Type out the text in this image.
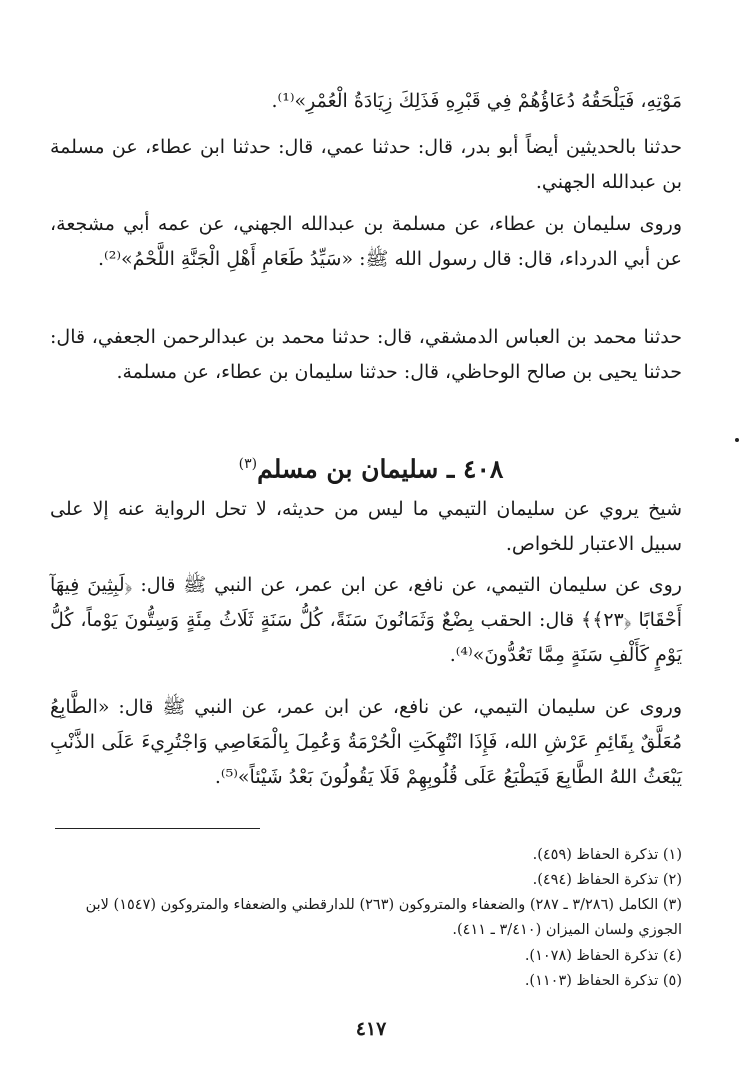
مَوْتِهِ، فَيَلْحَقُهُ دُعَاؤُهُمْ فِي قَبْرِهِ فَذَلِكَ زِيَادَةُ الْعُمْرِ»⁽¹⁾.

حدثنا بالحديثين أيضاً أبو بدر، قال: حدثنا عمي، قال: حدثنا ابن عطاء، عن مسلمة بن عبدالله الجهني.

وروى سليمان بن عطاء، عن مسلمة بن عبدالله الجهني، عن عمه أبي مشجعة، عن أبي الدرداء، قال: قال رسول الله ﷺ: «سَيِّدُ طَعَامِ أَهْلِ الْجَنَّةِ اللَّحْمُ»⁽²⁾.

حدثنا محمد بن العباس الدمشقي، قال: حدثنا محمد بن عبدالرحمن الجعفي، قال: حدثنا يحيى بن صالح الوحاظي، قال: حدثنا سليمان بن عطاء، عن مسلمة.

٤٠٨ ـ سليمان بن مسلم$^{(٣)}$

شيخ يروي عن سليمان التيمي ما ليس من حديثه، لا تحل الرواية عنه إلا على سبيل الاعتبار للخواص.

روى عن سليمان التيمي، عن نافع، عن ابن عمر، عن النبي ﷺ قال: ﴿لَبِثِينَ فِيهَآ أَحْقَابًا ﴿٢٣﴾﴾ قال: الحقب بِضْعٌ وَثَمَانُونَ سَنَةً، كُلُّ سَنَةٍ ثَلَاثُ مِئَةٍ وَسِتُّونَ يَوْماً، كُلُّ يَوْمٍ كَأَلْفِ سَنَةٍ مِمَّا تَعُدُّونَ»⁽⁴⁾.

وروى عن سليمان التيمي، عن نافع، عن ابن عمر، عن النبي ﷺ قال: «الطَّابِعُ مُعَلَّقٌ بِقَائِمِ عَرْشِ الله، فَإِذَا انْتُهِكَتِ الْحُرْمَةُ وَعُمِلَ بِالْمَعَاصِي وَاجْتُرِيءَ عَلَى الذَّنْبِ يَبْعَثُ اللهُ الطَّابِعَ فَيَطْبَعُ عَلَى قُلُوبِهِمْ فَلَا يَقُولُونَ بَعْدُ شَيْئاً»⁽⁵⁾.

(١) تذكرة الحفاظ (٤٥٩).

(٢) تذكرة الحفاظ (٤٩٤).

(٣) الكامل (٣/٢٨٦ ـ ٢٨٧) والضعفاء والمتروكون (٢٦٣) للدارقطني والضعفاء والمتروكون (١٥٤٧) لابن الجوزي ولسان الميزان (٣/٤١٠ ـ ٤١١).

(٤) تذكرة الحفاظ (١٠٧٨).

(٥) تذكرة الحفاظ (١١٠٣).

٤١٧
